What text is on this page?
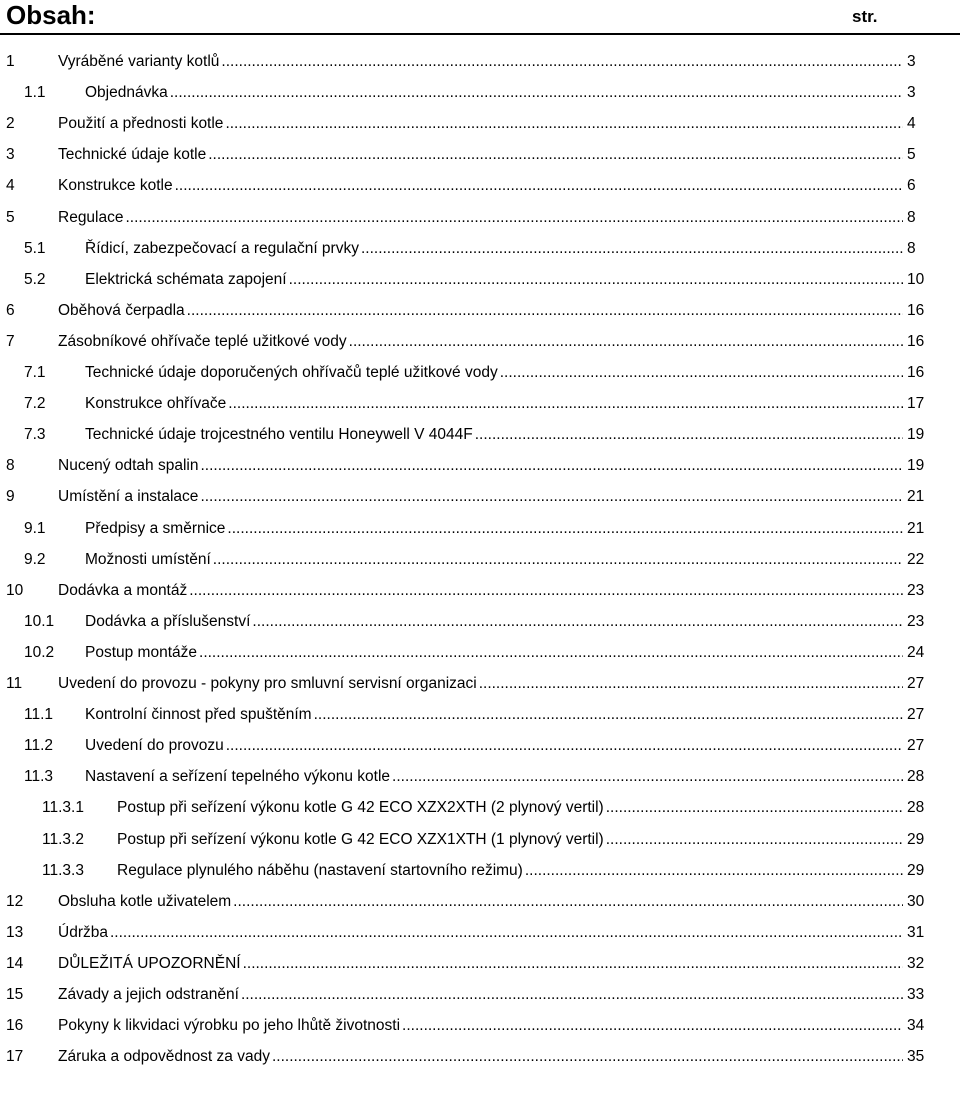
Obsah:	str.
1	Vyráběné varianty kotlů .....	3
1.1	Objednávka .....	3
2	Použití a přednosti kotle .....	4
3	Technické údaje kotle .....	5
4	Konstrukce kotle .....	6
5	Regulace .....	8
5.1	Řídicí, zabezpečovací a regulační prvky .....	8
5.2	Elektrická schémata zapojení .....	10
6	Oběhová čerpadla .....	16
7	Zásobníkové ohřívače teplé užitkové vody .....	16
7.1	Technické údaje doporučených ohřívačů teplé užitkové vody .....	16
7.2	Konstrukce ohřívače .....	17
7.3	Technické údaje trojcestného ventilu Honeywell V 4044F .....	19
8	Nucený odtah spalin .....	19
9	Umístění a instalace .....	21
9.1	Předpisy a směrnice .....	21
9.2	Možnosti umístění .....	22
10 Dodávka a montáž .....	23
10.1 Dodávka a příslušenství .....	23
10.2 Postup montáže .....	24
11 Uvedení do provozu - pokyny pro smluvní servisní organizaci .....	27
11.1 Kontrolní činnost před spuštěním .....	27
11.2 Uvedení do provozu .....	27
11.3 Nastavení a seřízení tepelného výkonu kotle .....	28
11.3.1 Postup při seřízení výkonu kotle G 42 ECO XZX2XTH (2 plynový vertil) .....	28
11.3.2 Postup při seřízení výkonu kotle G 42 ECO XZX1XTH (1 plynový vertil) .....	29
11.3.3 Regulace plynulého náběhu (nastavení startovního režimu) .....	29
12 Obsluha kotle uživatelem .....	30
13 Údržba .....	31
14 DŮLEŽITÁ UPOZORNĚNÍ .....	32
15 Závady a jejich odstranění .....	33
16 Pokyny k likvidaci výrobku po jeho lhůtě životnosti .....	34
17 Záruka a odpovědnost za vady .....	35
